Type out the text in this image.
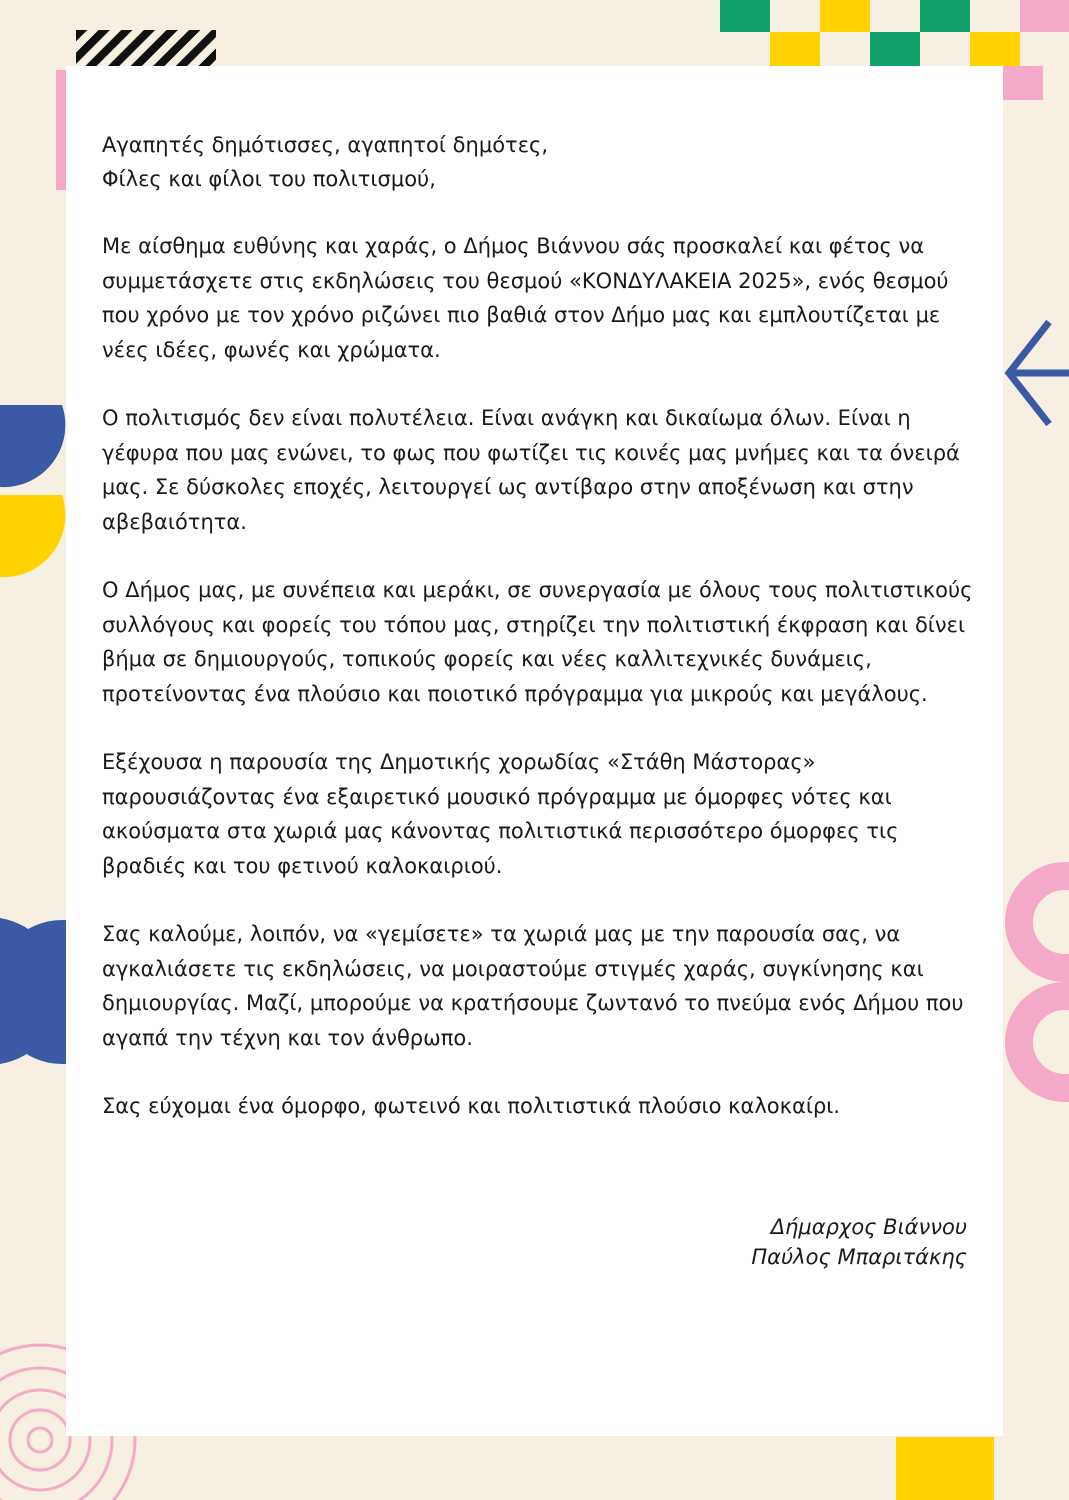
Αγαπητές δημότισσες, αγαπητοί δημότες,

Φίλες και φίλοι του πολιτισμού,

Με αίσθημα ευθύνης και χαράς, ο Δήμος Βιάννου σάς προσκαλεί και φέτος να συμμετάσχετε στις εκδηλώσεις του θεσμού «ΚΟΝΔΥΛΑΚΕΙΑ 2025», ενός θεσμού που χρόνο με τον χρόνο ριζώνει πιο βαθιά στον Δήμο μας και εμπλουτίζεται με νέες ιδέες, φωνές και χρώματα.

Ο πολιτισμός δεν είναι πολυτέλεια. Είναι ανάγκη και δικαίωμα όλων. Είναι η γέφυρα που μας ενώνει, το φως που φωτίζει τις κοινές μας μνήμες και τα όνειρά μας. Σε δύσκολες εποχές, λειτουργεί ως αντίβαρο στην αποξένωση και στην αβεβαιότητα.

Ο Δήμος μας, με συνέπεια και μεράκι, σε συνεργασία με όλους τους πολιτιστικούς συλλόγους και φορείς του τόπου μας, στηρίζει την πολιτιστική έκφραση και δίνει βήμα σε δημιουργούς, τοπικούς φορείς και νέες καλλιτεχνικές δυνάμεις, προτείνοντας ένα πλούσιο και ποιοτικό πρόγραμμα για μικρούς και μεγάλους.

Εξέχουσα η παρουσία της Δημοτικής χορωδίας «Στάθη Μάστορας» παρουσιάζοντας ένα εξαιρετικό μουσικό πρόγραμμα με όμορφες νότες και ακούσματα στα χωριά μας κάνοντας πολιτιστικά περισσότερο όμορφες τις βραδιές και του φετινού καλοκαιριού.

Σας καλούμε, λοιπόν, να «γεμίσετε» τα χωριά μας με την παρουσία σας, να αγκαλιάσετε τις εκδηλώσεις, να μοιραστούμε στιγμές χαράς, συγκίνησης και δημιουργίας. Μαζί, μπορούμε να κρατήσουμε ζωντανό το πνεύμα ενός Δήμου που αγαπά την τέχνη και τον άνθρωπο.

Σας εύχομαι ένα όμορφο, φωτεινό και πολιτιστικά πλούσιο καλοκαίρι.

Δήμαρχος Βιάννου

Παύλος Μπαριτάκης
